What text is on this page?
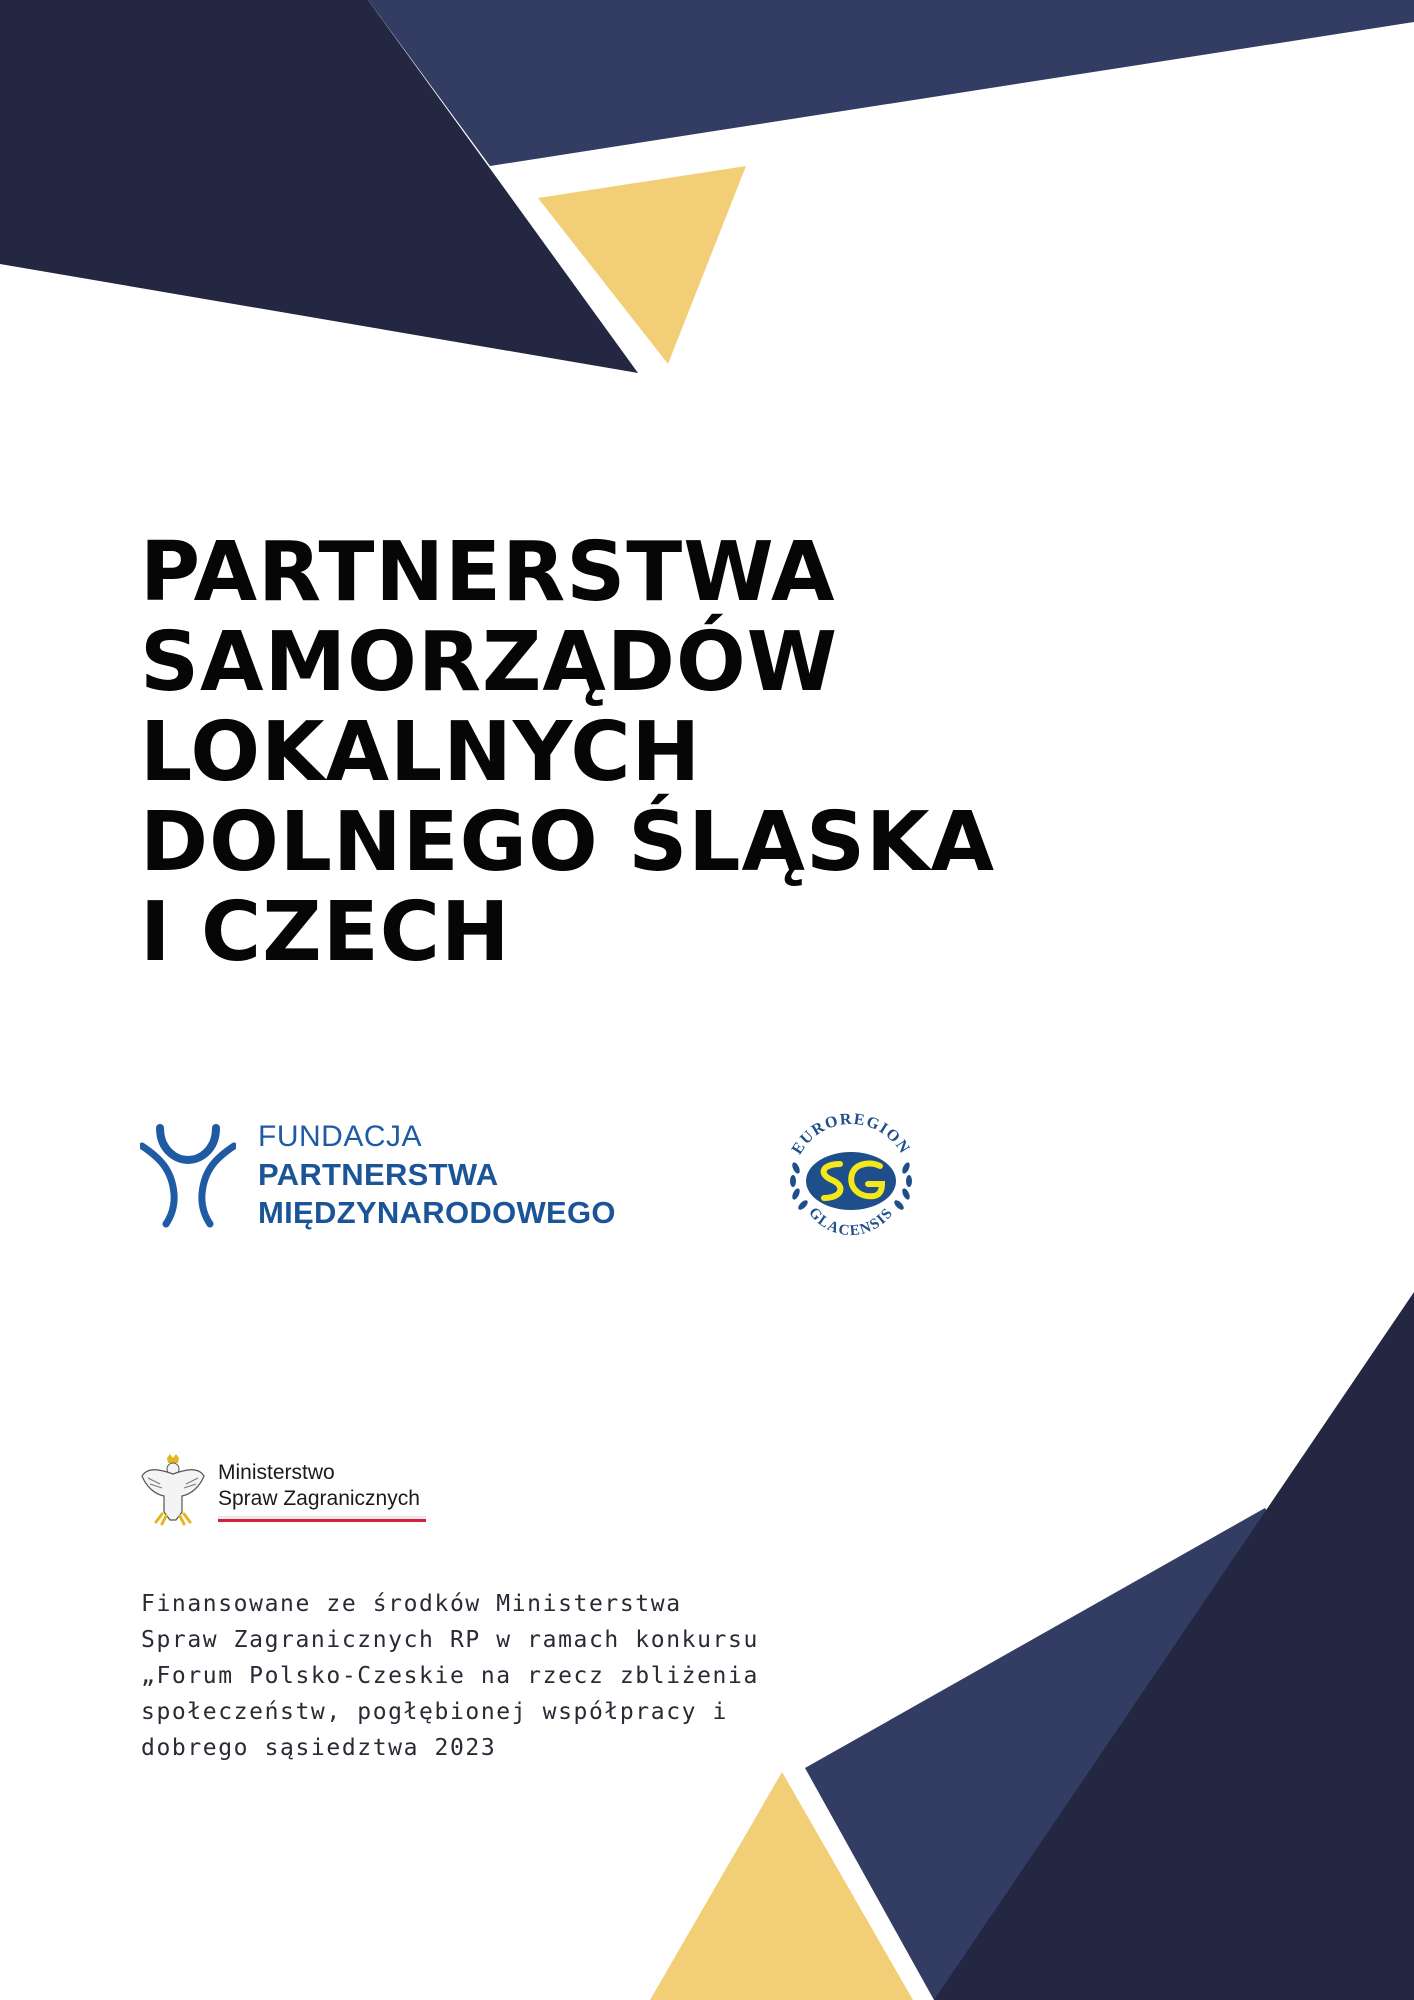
PARTNERSTWA
SAMORZĄDÓW
LOKALNYCH
DOLNEGO ŚLĄSKA
I CZECH
FUNDACJA
PARTNERSTWA
MIĘDZYNARODOWEGO
EUROREGION
GLACENSIS
Ministerstwo
Spraw Zagranicznych

Finansowane ze środków Ministerstwa
Spraw Zagranicznych RP w ramach konkursu
„Forum Polsko-Czeskie na rzecz zbliżenia
społeczeństw, pogłębionej współpracy i
dobrego sąsiedztwa 2023
